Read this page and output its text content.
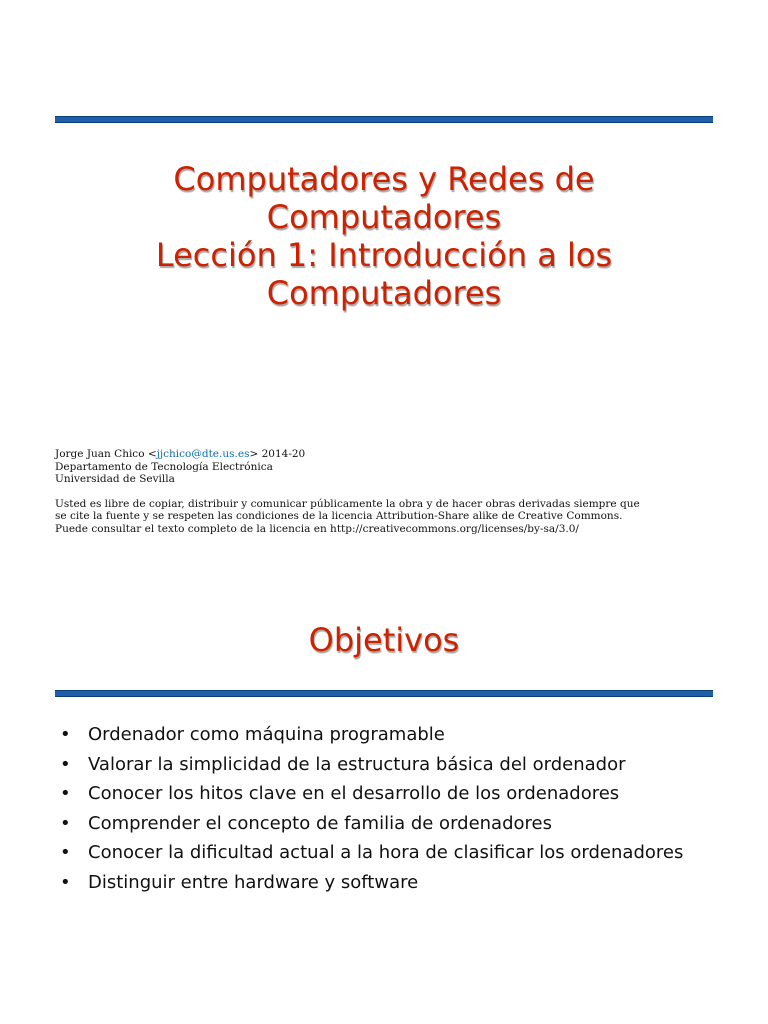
Computadores y Redes de
Computadores
Lección 1: Introducción a los
Computadores
Jorge Juan Chico <jjchico@dte.us.es> 2014-20
Departamento de Tecnología Electrónica
Universidad de Sevilla
Usted es libre de copiar, distribuir y comunicar públicamente la obra y de hacer obras derivadas siempre que
se cite la fuente y se respeten las condiciones de la licencia Attribution-Share alike de Creative Commons.
Puede consultar el texto completo de la licencia en http://creativecommons.org/licenses/by-sa/3.0/
Objetivos
• Ordenador como máquina programable
• Valorar la simplicidad de la estructura básica del ordenador
• Conocer los hitos clave en el desarrollo de los ordenadores
• Comprender el concepto de familia de ordenadores
• Conocer la dificultad actual a la hora de clasificar los ordenadores
• Distinguir entre hardware y software
